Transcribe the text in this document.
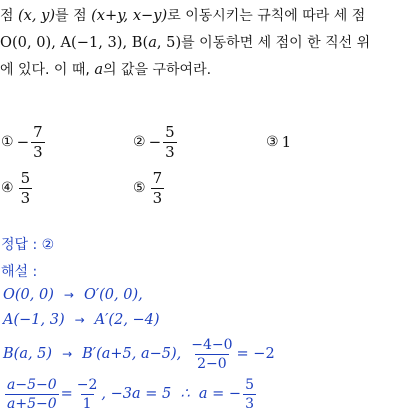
점 (x, y)를 점 (x+y, x−y)로 이동시키는 규칙에 따라 세 점
O(0, 0), A(−1, 3), B(a, 5)를 이동하면 세 점이 한 직선 위
에 있다. 이 때, a의 값을 구하여라.
① − $\frac{7}{3}$	② − $\frac{5}{3}$	③ 1
④ $\frac{5}{3}$	⑤ $\frac{7}{3}$
정답 : ②
해설 :
O(0, 0) → O′(0, 0),
A(−1, 3) → A′(2, −4)
B(a, 5) → B′(a+5, a−5), $\frac{-4-0}{2-0} = -2$
$\frac{a-5-0}{a+5-0} = \frac{-2}{1}$ , −3a = 5  ∴  a = − $\frac{5}{3}$
